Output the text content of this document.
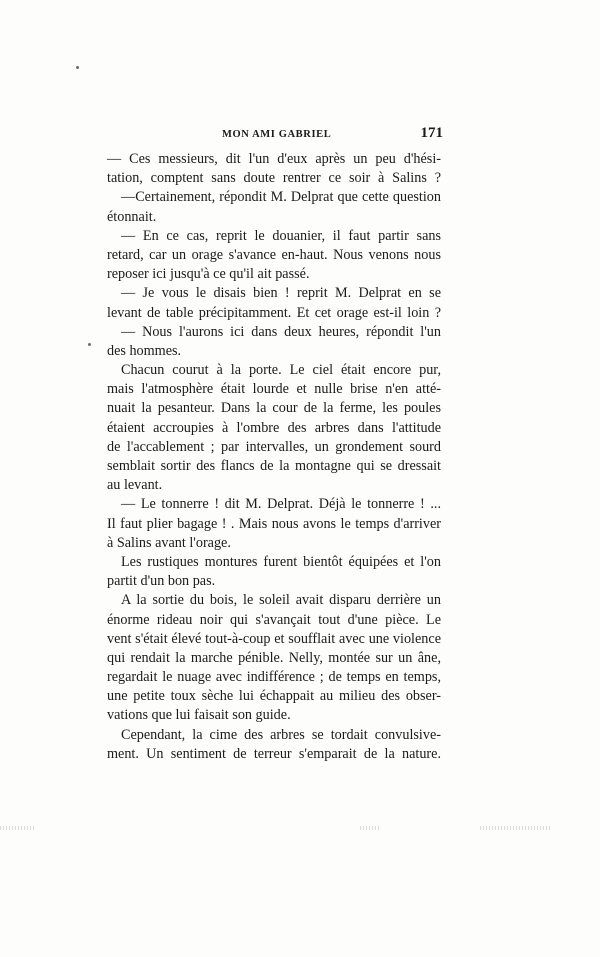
MON AMI GABRIEL	171
— Ces messieurs, dit l'un d'eux après un peu d'hési-
tation, comptent sans doute rentrer ce soir à Salins ?
—Certainement, répondit M. Delprat que cette question
étonnait.
— En ce cas, reprit le douanier, il faut partir sans
retard, car un orage s'avance en-haut. Nous venons nous
reposer ici jusqu'à ce qu'il ait passé.
— Je vous le disais bien ! reprit M. Delprat en se
levant de table précipitamment. Et cet orage est-il loin ?
— Nous l'aurons ici dans deux heures, répondit l'un
des hommes.
Chacun courut à la porte. Le ciel était encore pur,
mais l'atmosphère était lourde et nulle brise n'en atté-
nuait la pesanteur. Dans la cour de la ferme, les poules
étaient accroupies à l'ombre des arbres dans l'attitude
de l'accablement ; par intervalles, un grondement sourd
semblait sortir des flancs de la montagne qui se dressait
au levant.
— Le tonnerre ! dit M. Delprat. Déjà le tonnerre ! ...
Il faut plier bagage ! . Mais nous avons le temps d'arriver
à Salins avant l'orage.
Les rustiques montures furent bientôt équipées et l'on
partit d'un bon pas.
A la sortie du bois, le soleil avait disparu derrière un
énorme rideau noir qui s'avançait tout d'une pièce. Le
vent s'était élevé tout-à-coup et soufflait avec une violence
qui rendait la marche pénible. Nelly, montée sur un âne,
regardait le nuage avec indifférence ; de temps en temps,
une petite toux sèche lui échappait au milieu des obser-
vations que lui faisait son guide.
Cependant, la cime des arbres se tordait convulsive-
ment. Un sentiment de terreur s'emparait de la nature.
